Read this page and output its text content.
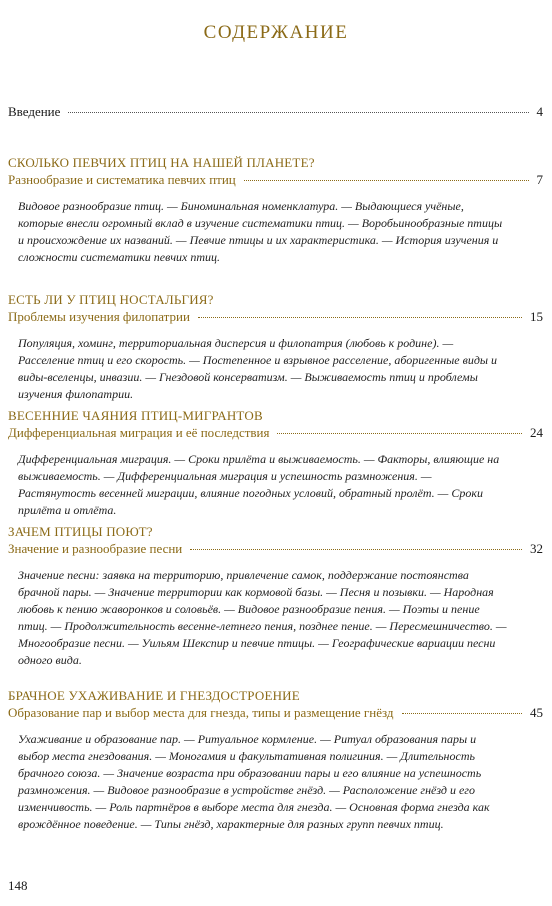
СОДЕРЖАНИЕ
Введение	4
СКОЛЬКО ПЕВЧИХ ПТИЦ НА НАШЕЙ ПЛАНЕТЕ?
Разнообразие и систематика певчих птиц	7
Видовое разнообразие птиц. — Биноминальная номенклатура. — Выдающиеся учёные, которые внесли огромный вклад в изучение систематики птиц. — Воробьинообразные птицы и происхождение их названий. — Певчие птицы и их характеристика. — История изучения и сложности систематики певчих птиц.
ЕСТЬ ЛИ У ПТИЦ НОСТАЛЬГИЯ?
Проблемы изучения филопатрии	15
Популяция, хоминг, территориальная дисперсия и филопатрия (любовь к родине). — Расселение птиц и его скорость. — Постепенное и взрывное расселение, аборигенные виды и виды-вселенцы, инвазии. — Гнездовой консерватизм. — Выживаемость птиц и проблемы изучения филопатрии.
ВЕСЕННИЕ ЧАЯНИЯ ПТИЦ-МИГРАНТОВ
Дифференциальная миграция и её последствия	24
Дифференциальная миграция. — Сроки прилёта и выживаемость. — Факторы, влияющие на выживаемость. — Дифференциальная миграция и успешность размножения. — Растянутость весенней миграции, влияние погодных условий, обратный пролёт. — Сроки прилёта и отлёта.
ЗАЧЕМ ПТИЦЫ ПОЮТ?
Значение и разнообразие песни	32
Значение песни: заявка на территорию, привлечение самок, поддержание постоянства брачной пары. — Значение территории как кормовой базы. — Песня и позывки. — Народная любовь к пению жаворонков и соловьёв. — Видовое разнообразие пения. — Поэты и пение птиц. — Продолжительность весенне-летнего пения, позднее пение. — Пересмешничество. — Многообразие песни. — Уильям Шекспир и певчие птицы. — Географические вариации песни одного вида.
БРАЧНОЕ УХАЖИВАНИЕ И ГНЕЗДОСТРОЕНИЕ
Образование пар и выбор места для гнезда, типы и размещение гнёзд	45
Ухаживание и образование пар. — Ритуальное кормление. — Ритуал образования пары и выбор места гнездования. — Моногамия и факультативная полигиния. — Длительность брачного союза. — Значение возраста при образовании пары и его влияние на успешность размножения. — Видовое разнообразие в устройстве гнёзд. — Расположение гнёзд и его изменчивость. — Роль партнёров в выборе места для гнезда. — Основная форма гнезда как врождённое поведение. — Типы гнёзд, характерные для разных групп певчих птиц.
148
